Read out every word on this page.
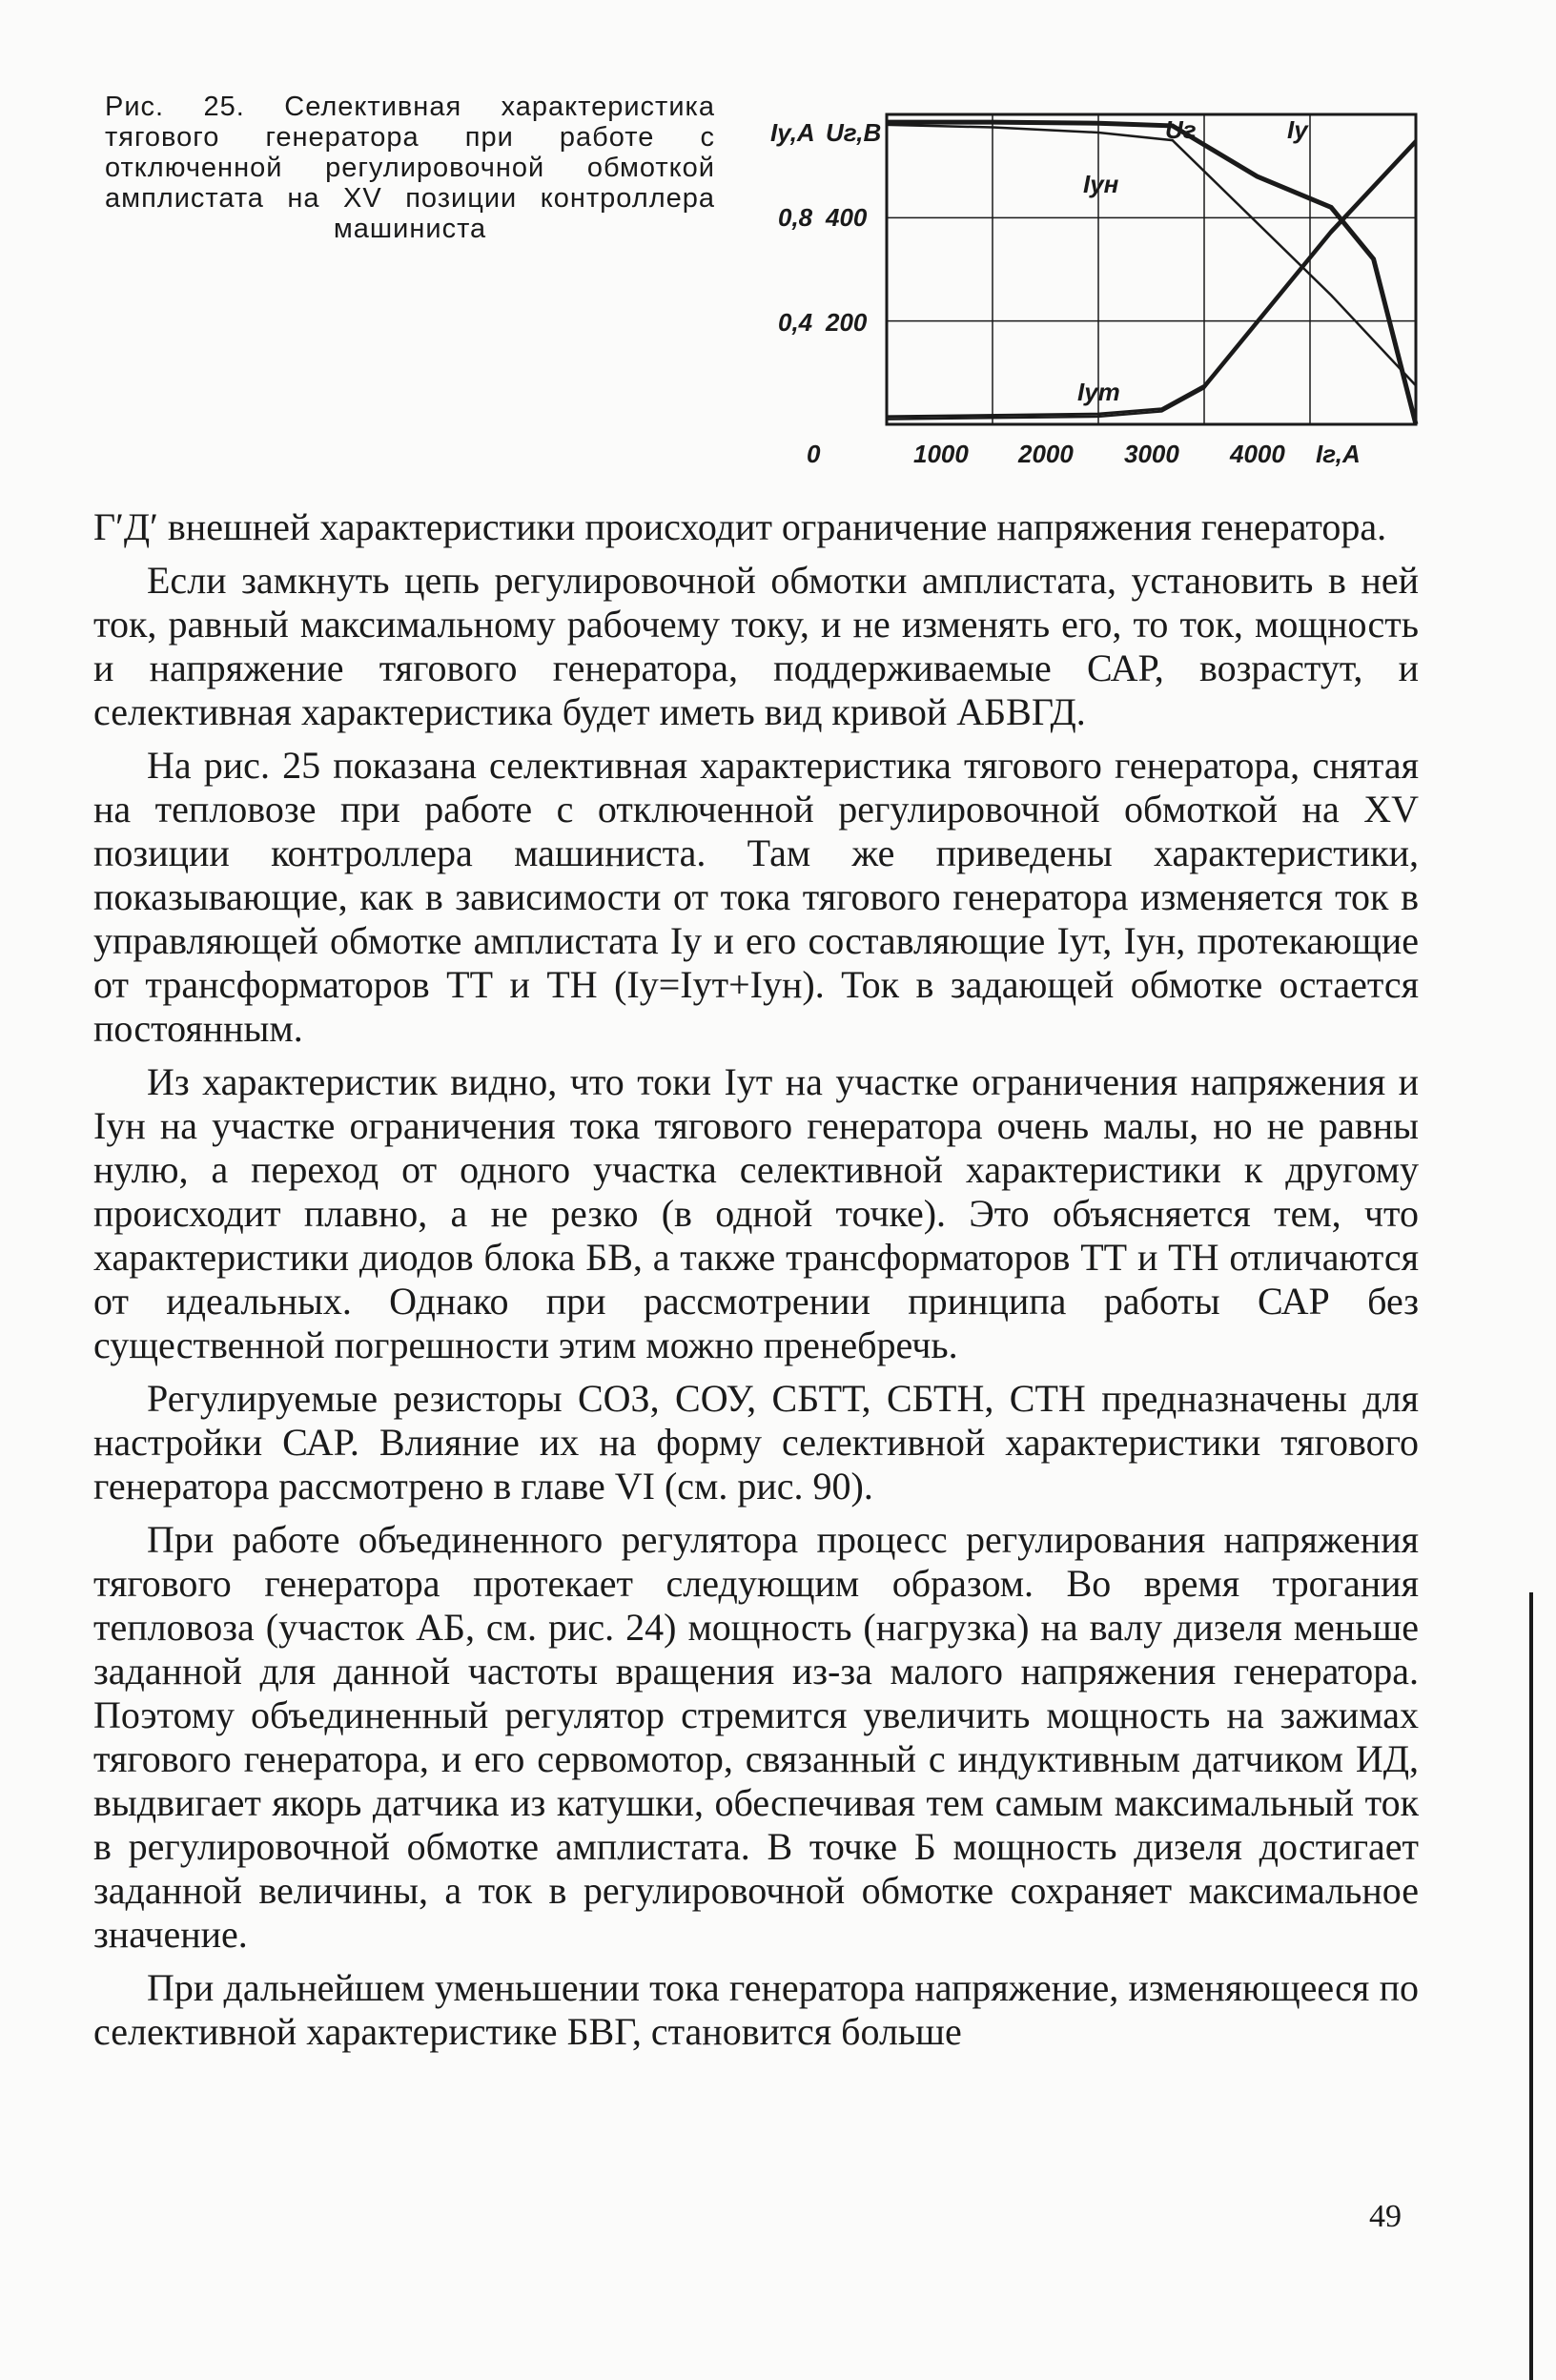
Рис. 25. Селективная характеристика тягового генератора при работе с отключенной регулировочной обмоткой амплистата на XV позиции контроллера машиниста
Iу,А Uг,В
0,8 400
0,4 200
0	1000 2000 3000 4000 Iг,А
Uг	Iу
Iун
Iут

Г′Д′ внешней характеристики происходит ограничение напряжения генератора.

Если замкнуть цепь регулировочной обмотки амплистата, установить в ней ток, равный максимальному рабочему току, и не изменять его, то ток, мощность и напряжение тягового генератора, поддерживаемые САР, возрастут, и селективная характеристика будет иметь вид кривой АБВГД.

На рис. 25 показана селективная характеристика тягового генератора, снятая на тепловозе при работе с отключенной регулировочной обмоткой на XV позиции контроллера машиниста. Там же приведены характеристики, показывающие, как в зависимости от тока тягового генератора изменяется ток в управляющей обмотке амплистата Iу и его составляющие Iут, Iун, протекающие от трансформаторов ТТ и ТН (Iу=Iут+Iун). Ток в задающей обмотке остается постоянным.

Из характеристик видно, что токи Iут на участке ограничения напряжения и Iун на участке ограничения тока тягового генератора очень малы, но не равны нулю, а переход от одного участка селективной характеристики к другому происходит плавно, а не резко (в одной точке). Это объясняется тем, что характеристики диодов блока БВ, а также трансформаторов ТТ и ТН отличаются от идеальных. Однако при рассмотрении принципа работы САР без существенной погрешности этим можно пренебречь.

Регулируемые резисторы СОЗ, СОУ, СБТТ, СБТН, СТН предназначены для настройки САР. Влияние их на форму селективной характеристики тягового генератора рассмотрено в главе VI (см. рис. 90).

При работе объединенного регулятора процесс регулирования напряжения тягового генератора протекает следующим образом. Во время трогания тепловоза (участок АБ, см. рис. 24) мощность (нагрузка) на валу дизеля меньше заданной для данной частоты вращения из-за малого напряжения генератора. Поэтому объединенный регулятор стремится увеличить мощность на зажимах тягового генератора, и его сервомотор, связанный с индуктивным датчиком ИД, выдвигает якорь датчика из катушки, обеспечивая тем самым максимальный ток в регулировочной обмотке амплистата. В точке Б мощность дизеля достигает заданной величины, а ток в регулировочной обмотке сохраняет максимальное значение.

При дальнейшем уменьшении тока генератора напряжение, изменяющееся по селективной характеристике БВГ, становится больше

49
